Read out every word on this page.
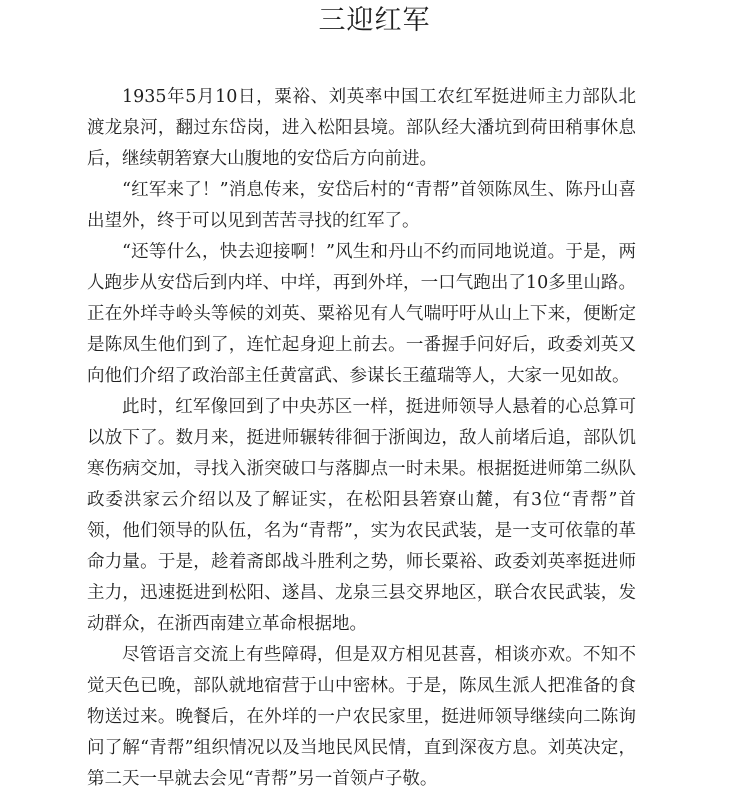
三迎红军

1935年5月10日，粟裕、刘英率中国工农红军挺进师主力部队北渡龙泉河，翻过东岱岗，进入松阳县境。部队经大潘坑到荷田稍事休息后，继续朝箬寮大山腹地的安岱后方向前进。

“红军来了！”消息传来，安岱后村的“青帮”首领陈凤生、陈丹山喜出望外，终于可以见到苦苦寻找的红军了。

“还等什么，快去迎接啊！”风生和丹山不约而同地说道。于是，两人跑步从安岱后到内垟、中垟，再到外垟，一口气跑出了10多里山路。正在外垟寺岭头等候的刘英、粟裕见有人气喘吁吁从山上下来，便断定是陈凤生他们到了，连忙起身迎上前去。一番握手问好后，政委刘英又向他们介绍了政治部主任黄富武、参谋长王蕴瑞等人，大家一见如故。

此时，红军像回到了中央苏区一样，挺进师领导人悬着的心总算可以放下了。数月来，挺进师辗转徘徊于浙闽边，敌人前堵后追，部队饥寒伤病交加，寻找入浙突破口与落脚点一时未果。根据挺进师第二纵队政委洪家云介绍以及了解证实，在松阳县箬寮山麓，有3位“青帮”首领，他们领导的队伍，名为“青帮”，实为农民武装，是一支可依靠的革命力量。于是，趁着斋郎战斗胜利之势，师长粟裕、政委刘英率挺进师主力，迅速挺进到松阳、遂昌、龙泉三县交界地区，联合农民武装，发动群众，在浙西南建立革命根据地。

尽管语言交流上有些障碍，但是双方相见甚喜，相谈亦欢。不知不觉天色已晚，部队就地宿营于山中密林。于是，陈凤生派人把准备的食物送过来。晚餐后，在外垟的一户农民家里，挺进师领导继续向二陈询问了解“青帮”组织情况以及当地民风民情，直到深夜方息。刘英决定，第二天一早就去会见“青帮”另一首领卢子敬。
